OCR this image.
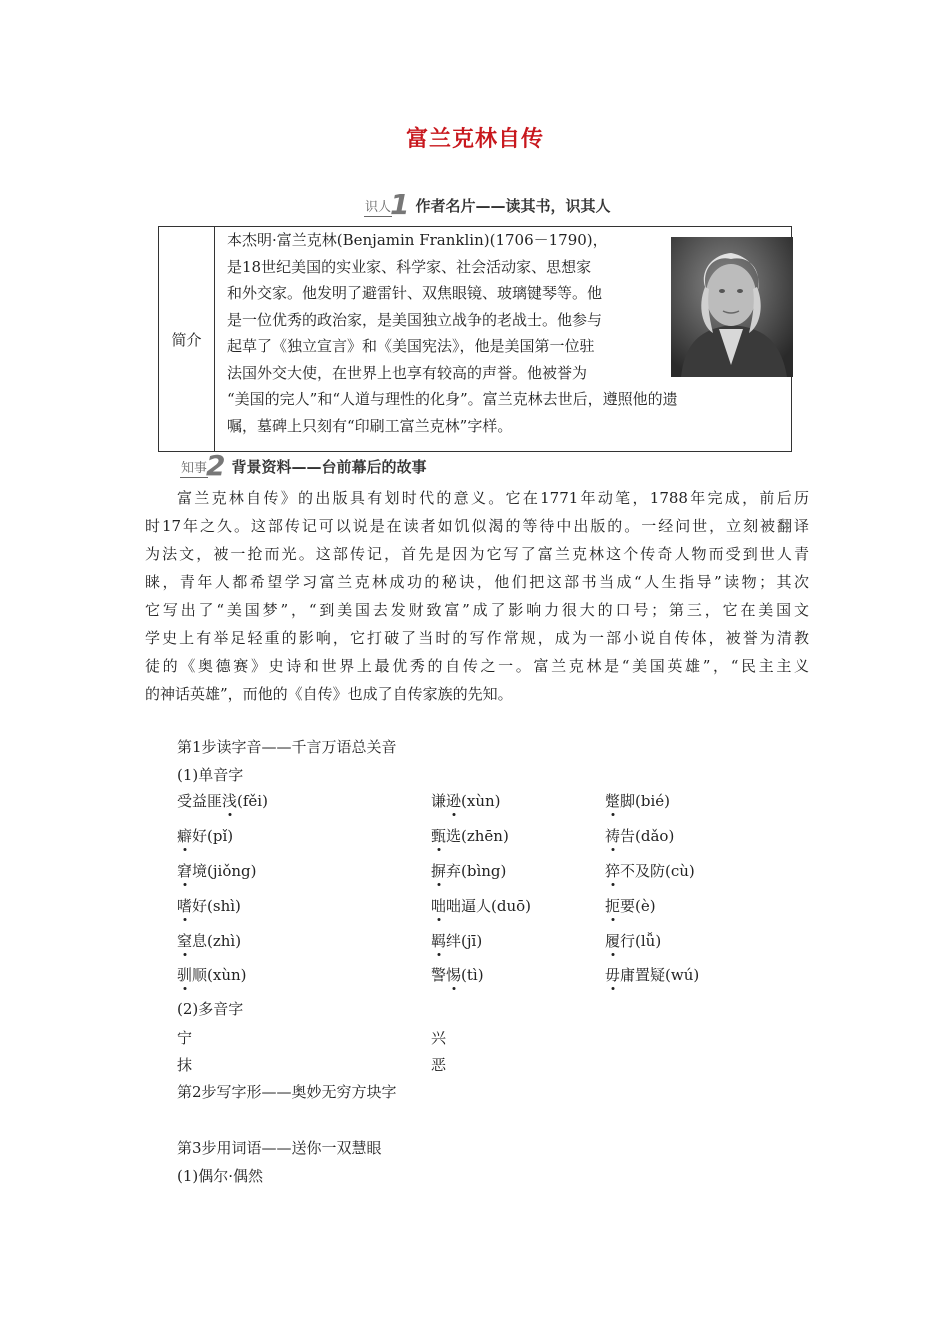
富兰克林自传
识人 1 作者名片——读其书，识其人
简介
本杰明·富兰克林(Benjamin Franklin)(1706－1790)，
是18世纪美国的实业家、科学家、社会活动家、思想家
和外交家。他发明了避雷针、双焦眼镜、玻璃键琴等。他
是一位优秀的政治家，是美国独立战争的老战士。他参与
起草了《独立宣言》和《美国宪法》，他是美国第一位驻
法国外交大使，在世界上也享有较高的声誉。他被誉为
“美国的完人”和“人道与理性的化身”。富兰克林去世后，遵照他的遗
嘱，墓碑上只刻有“印刷工富兰克林”字样。
知事 2 背景资料——台前幕后的故事
富兰克林自传》的出版具有划时代的意义。它在1771年动笔，1788年完成，前后历
时17年之久。这部传记可以说是在读者如饥似渴的等待中出版的。一经问世，立刻被翻译
为法文，被一抢而光。这部传记，首先是因为它写了富兰克林这个传奇人物而受到世人青
睐，青年人都希望学习富兰克林成功的秘诀，他们把这部书当成“人生指导”读物；其次
它写出了“美国梦”，“到美国去发财致富”成了影响力很大的口号；第三，它在美国文
学史上有举足轻重的影响，它打破了当时的写作常规，成为一部小说自传体，被誉为清教
徒的《奥德赛》史诗和世界上最优秀的自传之一。富兰克林是“美国英雄”，“民主主义
的神话英雄”，而他的《自传》也成了自传家族的先知。
第1步读字音——千言万语总关音
(1)单音字
受益匪浅(fěi)	谦逊(xùn)	蹩脚(bié)
癖好(pǐ)	甄选(zhēn)	祷告(dǎo)
窘境(jiǒng)	摒弃(bìng)	猝不及防(cù)
嗜好(shì)	咄咄逼人(duō)	扼要(è)
窒息(zhì)	羁绊(jī)	履行(lǚ)
驯顺(xùn)	警惕(tì)	毋庸置疑(wú)
(2)多音字
宁	兴
抹	恶
第2步写字形——奥妙无穷方块字
第3步用词语——送你一双慧眼
(1)偶尔·偶然
